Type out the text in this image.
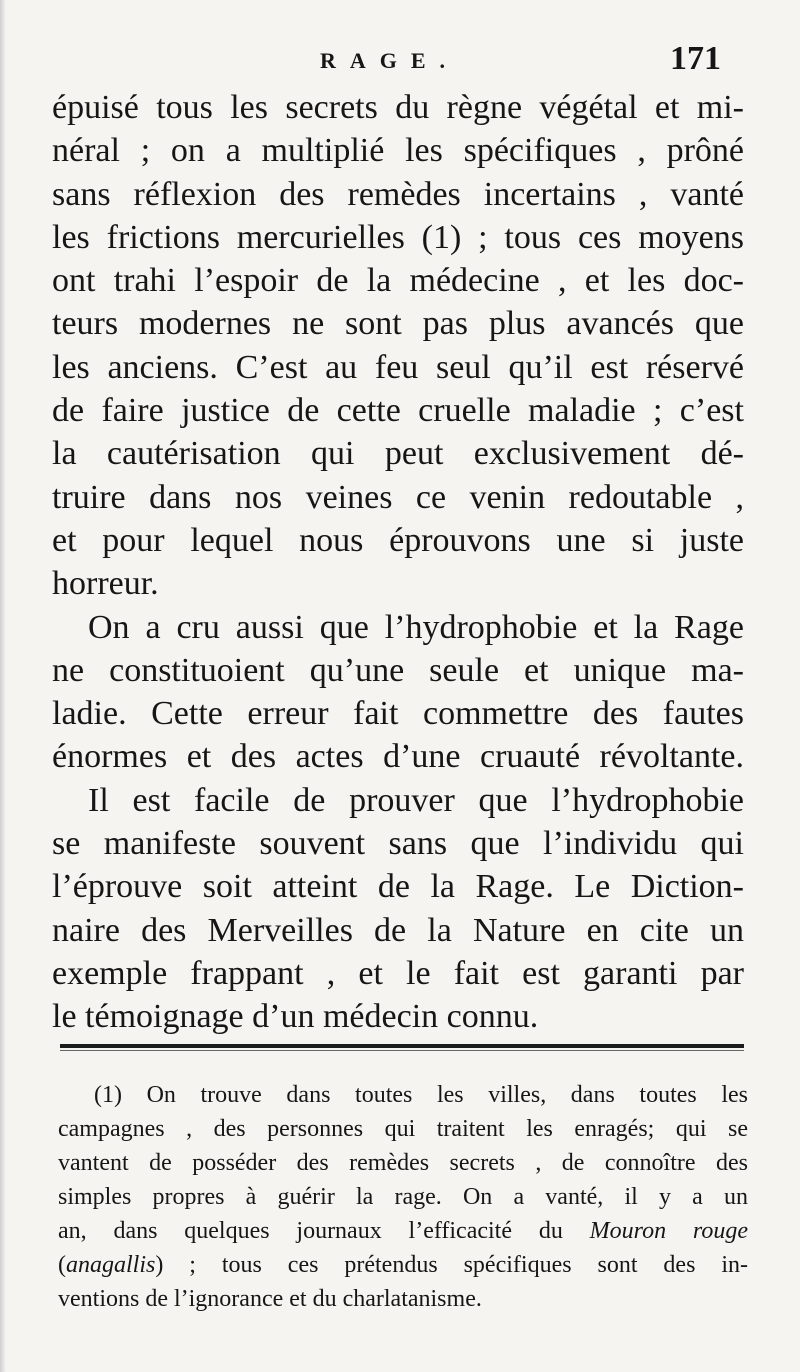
RAGE.	171
épuisé tous les secrets du règne végétal et mi-
néral ; on a multiplié les spécifiques , prôné
sans réflexion des remèdes incertains , vanté
les frictions mercurielles (1) ; tous ces moyens
ont trahi l’espoir de la médecine , et les doc-
teurs modernes ne sont pas plus avancés que
les anciens. C’est au feu seul qu’il est réservé
de faire justice de cette cruelle maladie ; c’est
la cautérisation qui peut exclusivement dé-
truire dans nos veines ce venin redoutable ,
et pour lequel nous éprouvons une si juste
horreur.
On a cru aussi que l’hydrophobie et la Rage
ne constituoient qu’une seule et unique ma-
ladie. Cette erreur fait commettre des fautes
énormes et des actes d’une cruauté révoltante.
Il est facile de prouver que l’hydrophobie
se manifeste souvent sans que l’individu qui
l’éprouve soit atteint de la Rage. Le Diction-
naire des Merveilles de la Nature en cite un
exemple frappant , et le fait est garanti par
le témoignage d’un médecin connu.
(1) On trouve dans toutes les villes, dans toutes les
campagnes , des personnes qui traitent les enragés; qui se
vantent de posséder des remèdes secrets , de connoître des
simples propres à guérir la rage. On a vanté, il y a un
an, dans quelques journaux l’efficacité du Mouron rouge
(anagallis) ; tous ces prétendus spécifiques sont des in-
ventions de l’ignorance et du charlatanisme.
